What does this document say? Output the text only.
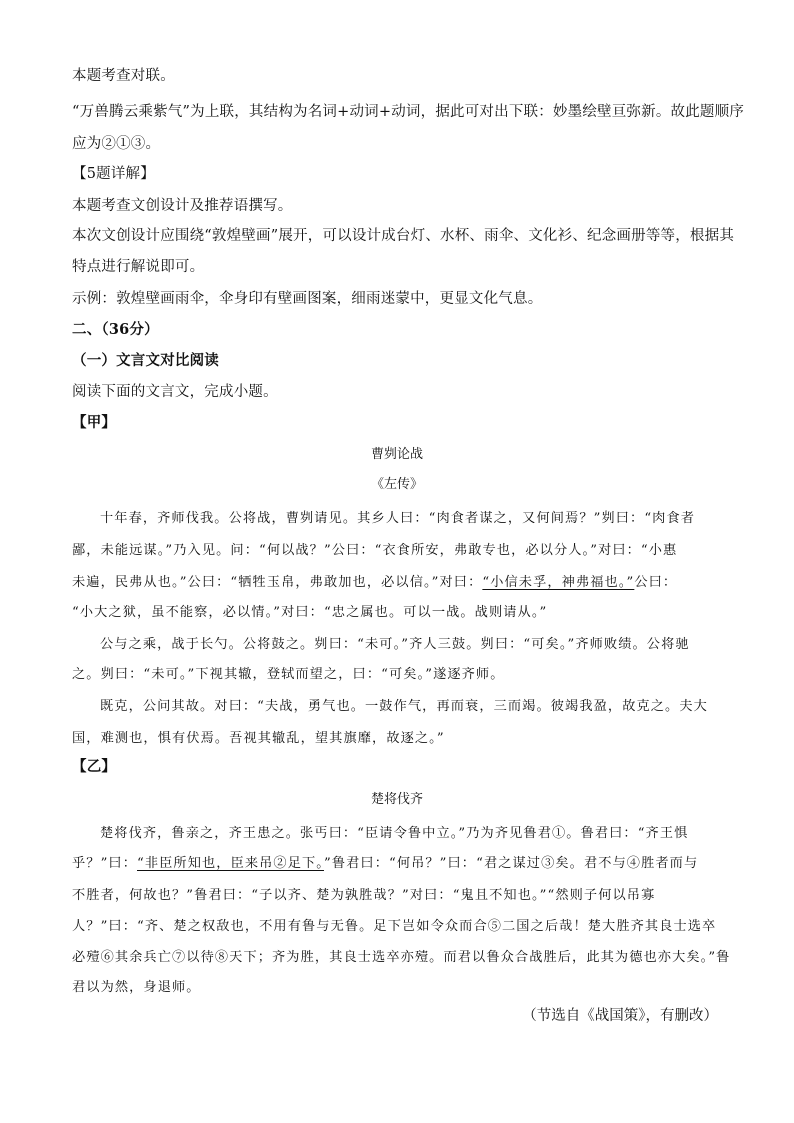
本题考查对联。
“万兽腾云乘紫气”为上联，其结构为名词+动词+动词，据此可对出下联：妙墨绘壁亘弥新。故此题顺序
应为②①③。
【5题详解】
本题考查文创设计及推荐语撰写。
本次文创设计应围绕“敦煌壁画”展开，可以设计成台灯、水杯、雨伞、文化衫、纪念画册等等，根据其
特点进行解说即可。
示例：敦煌壁画雨伞，伞身印有壁画图案，细雨迷蒙中，更显文化气息。
二、（36分）
（一）文言文对比阅读
阅读下面的文言文，完成小题。
【甲】
曹刿论战
《左传》
十年春，齐师伐我。公将战，曹刿请见。其乡人曰：“肉食者谋之，又何间焉？”刿曰：“肉食者
鄙，未能远谋。”乃入见。问：“何以战？”公曰：“衣食所安，弗敢专也，必以分人。”对曰：“小惠
未遍，民弗从也。”公曰：“牺牲玉帛，弗敢加也，必以信。”对曰：“小信未孚，神弗福也。”公曰：
“小大之狱，虽不能察，必以情。”对曰：“忠之属也。可以一战。战则请从。”
公与之乘，战于长勺。公将鼓之。刿曰：“未可。”齐人三鼓。刿曰：“可矣。”齐师败绩。公将驰
之。刿曰：“未可。”下视其辙，登轼而望之，曰：“可矣。”遂逐齐师。
既克，公问其故。对曰：“夫战，勇气也。一鼓作气，再而衰，三而竭。彼竭我盈，故克之。夫大
国，难测也，惧有伏焉。吾视其辙乱，望其旗靡，故逐之。”
【乙】
楚将伐齐
楚将伐齐，鲁亲之，齐王患之。张丐曰：“臣请令鲁中立。”乃为齐见鲁君①。鲁君曰：“齐王惧
乎？”曰：“非臣所知也，臣来吊②足下。”鲁君曰：“何吊？”曰：“君之谋过③矣。君不与④胜者而与
不胜者，何故也？”鲁君曰：“子以齐、楚为孰胜哉？”对曰：“鬼且不知也。”“然则子何以吊寡
人？”曰：“齐、楚之权敌也，不用有鲁与无鲁。足下岂如令众而合⑤二国之后哉！楚大胜齐其良士选卒
必殪⑥其余兵亡⑦以待⑧天下；齐为胜，其良士选卒亦殪。而君以鲁众合战胜后，此其为德也亦大矣。”鲁
君以为然，身退师。
（节选自《战国策》，有删改）
